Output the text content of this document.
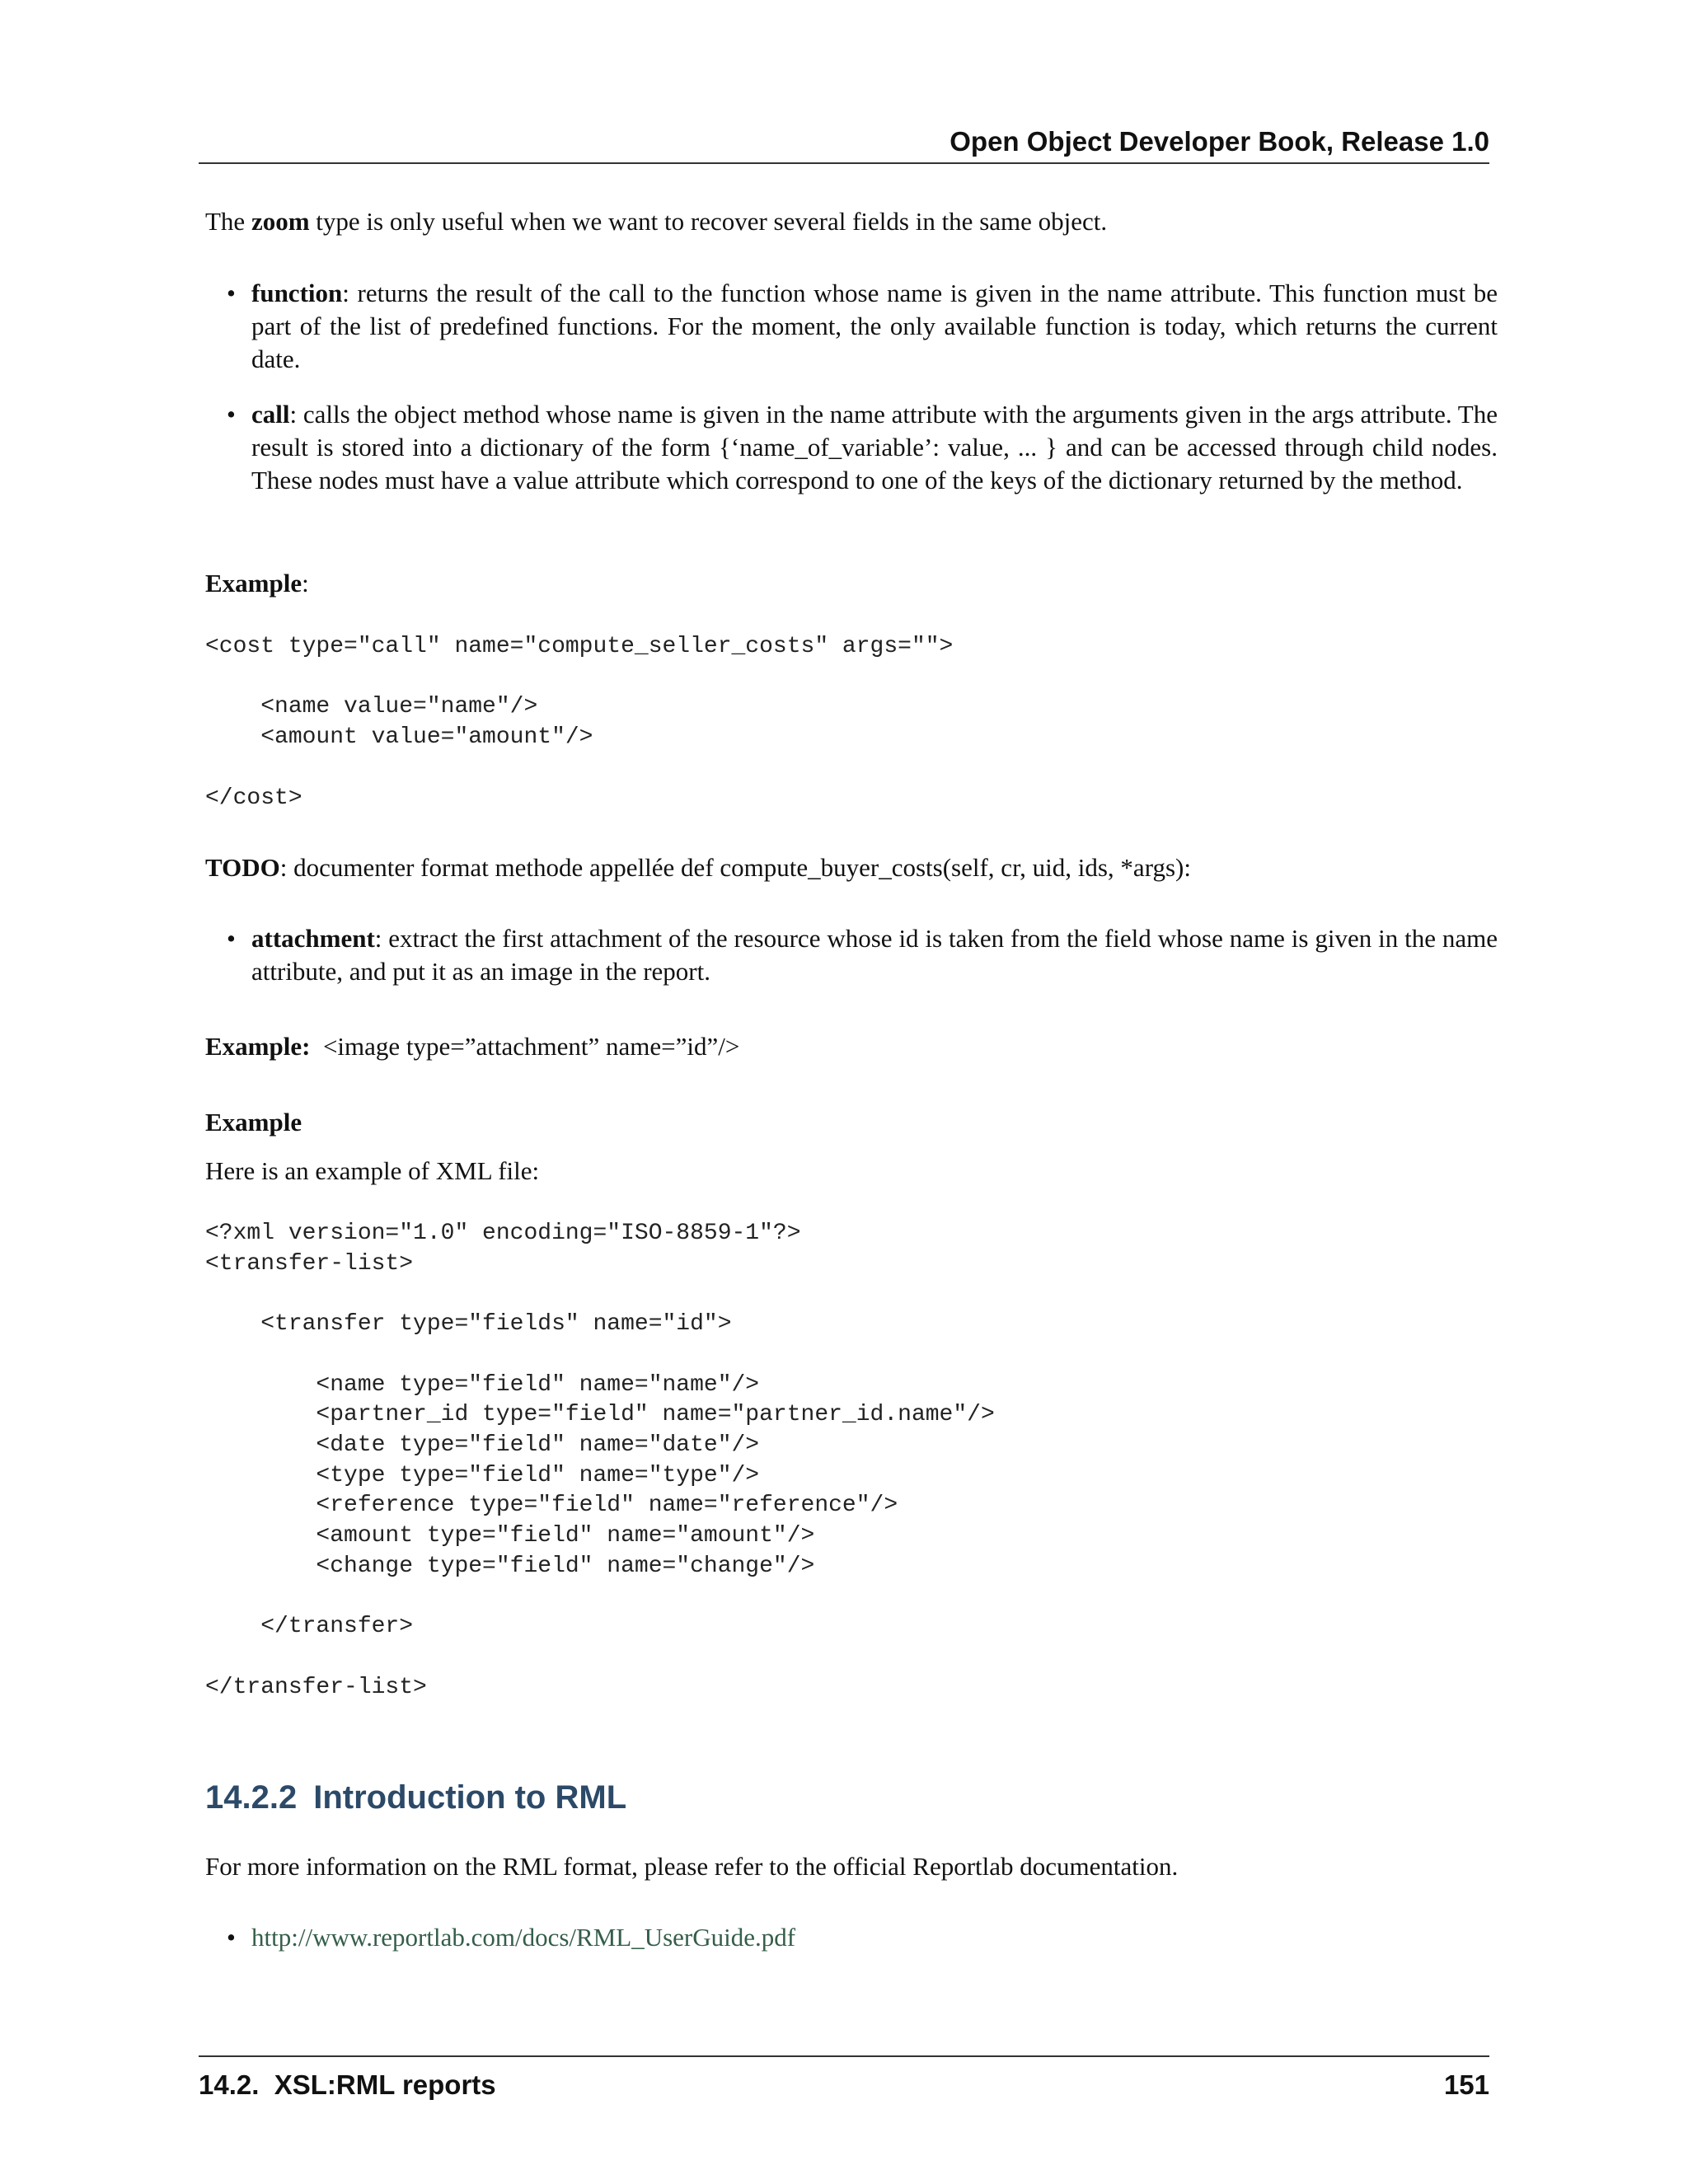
Open Object Developer Book, Release 1.0
The zoom type is only useful when we want to recover several fields in the same object.
• function: returns the result of the call to the function whose name is given in the name attribute. This function must be part of the list of predefined functions. For the moment, the only available function is today, which returns the current date.
• call: calls the object method whose name is given in the name attribute with the arguments given in the args attribute. The result is stored into a dictionary of the form {‘name_of_variable’: value, ... } and can be accessed through child nodes. These nodes must have a value attribute which correspond to one of the keys of the dictionary returned by the method.
Example:
<cost type="call" name="compute_seller_costs" args="">

<name value="name"/>
<amount value="amount"/>

</cost>
TODO: documenter format methode appellée def compute_buyer_costs(self, cr, uid, ids, *args):
• attachment: extract the first attachment of the resource whose id is taken from the field whose name is given in the name attribute, and put it as an image in the report.
Example:  <image type=”attachment” name=”id”/>
Example
Here is an example of XML file:
<?xml version="1.0" encoding="ISO-8859-1"?>
<transfer-list>

<transfer type="fields" name="id">

<name type="field" name="name"/>
<partner_id type="field" name="partner_id.name"/>
<date type="field" name="date"/>
<type type="field" name="type"/>
<reference type="field" name="reference"/>
<amount type="field" name="amount"/>
<change type="field" name="change"/>

</transfer>

</transfer-list>
14.2.2 Introduction to RML
For more information on the RML format, please refer to the official Reportlab documentation.
• http://www.reportlab.com/docs/RML_UserGuide.pdf
14.2.  XSL:RML reports	151
